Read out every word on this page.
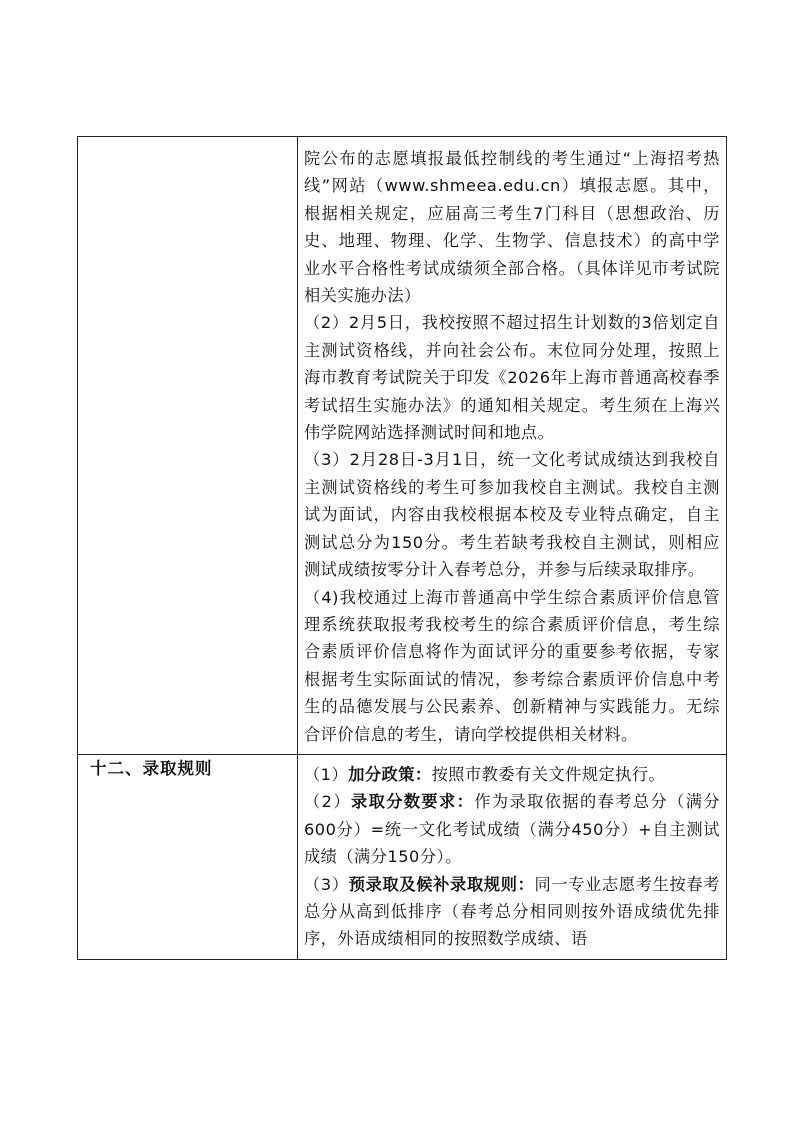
	院公布的志愿填报最低控制线的考生通过“上海招考热线”网站（www.shmeea.edu.cn）填报志愿。其中，根据相关规定，应届高三考生7门科目（思想政治、历史、地理、物理、化学、生物学、信息技术）的高中学业水平合格性考试成绩须全部合格。（具体详见市考试院相关实施办法）

（2）2月5日，我校按照不超过招生计划数的3倍划定自主测试资格线，并向社会公布。末位同分处理，按照上海市教育考试院关于印发《2026年上海市普通高校春季考试招生实施办法》的通知相关规定。考生须在上海兴伟学院网站选择测试时间和地点。

（3）2月28日-3月1日，统一文化考试成绩达到我校自主测试资格线的考生可参加我校自主测试。我校自主测试为面试，内容由我校根据本校及专业特点确定，自主测试总分为150分。考生若缺考我校自主测试，则相应测试成绩按零分计入春考总分，并参与后续录取排序。

（4)我校通过上海市普通高中学生综合素质评价信息管理系统获取报考我校考生的综合素质评价信息，考生综合素质评价信息将作为面试评分的重要参考依据，专家根据考生实际面试的情况，参考综合素质评价信息中考生的品德发展与公民素养、创新精神与实践能力。无综合评价信息的考生，请向学校提供相关材料。

十二、录取规则	（1）加分政策：按照市教委有关文件规定执行。

（2）录取分数要求：作为录取依据的春考总分（满分600分）=统一文化考试成绩（满分450分）+自主测试成绩（满分150分）。

（3）预录取及候补录取规则：同一专业志愿考生按春考总分从高到低排序（春考总分相同则按外语成绩优先排序，外语成绩相同的按照数学成绩、语
